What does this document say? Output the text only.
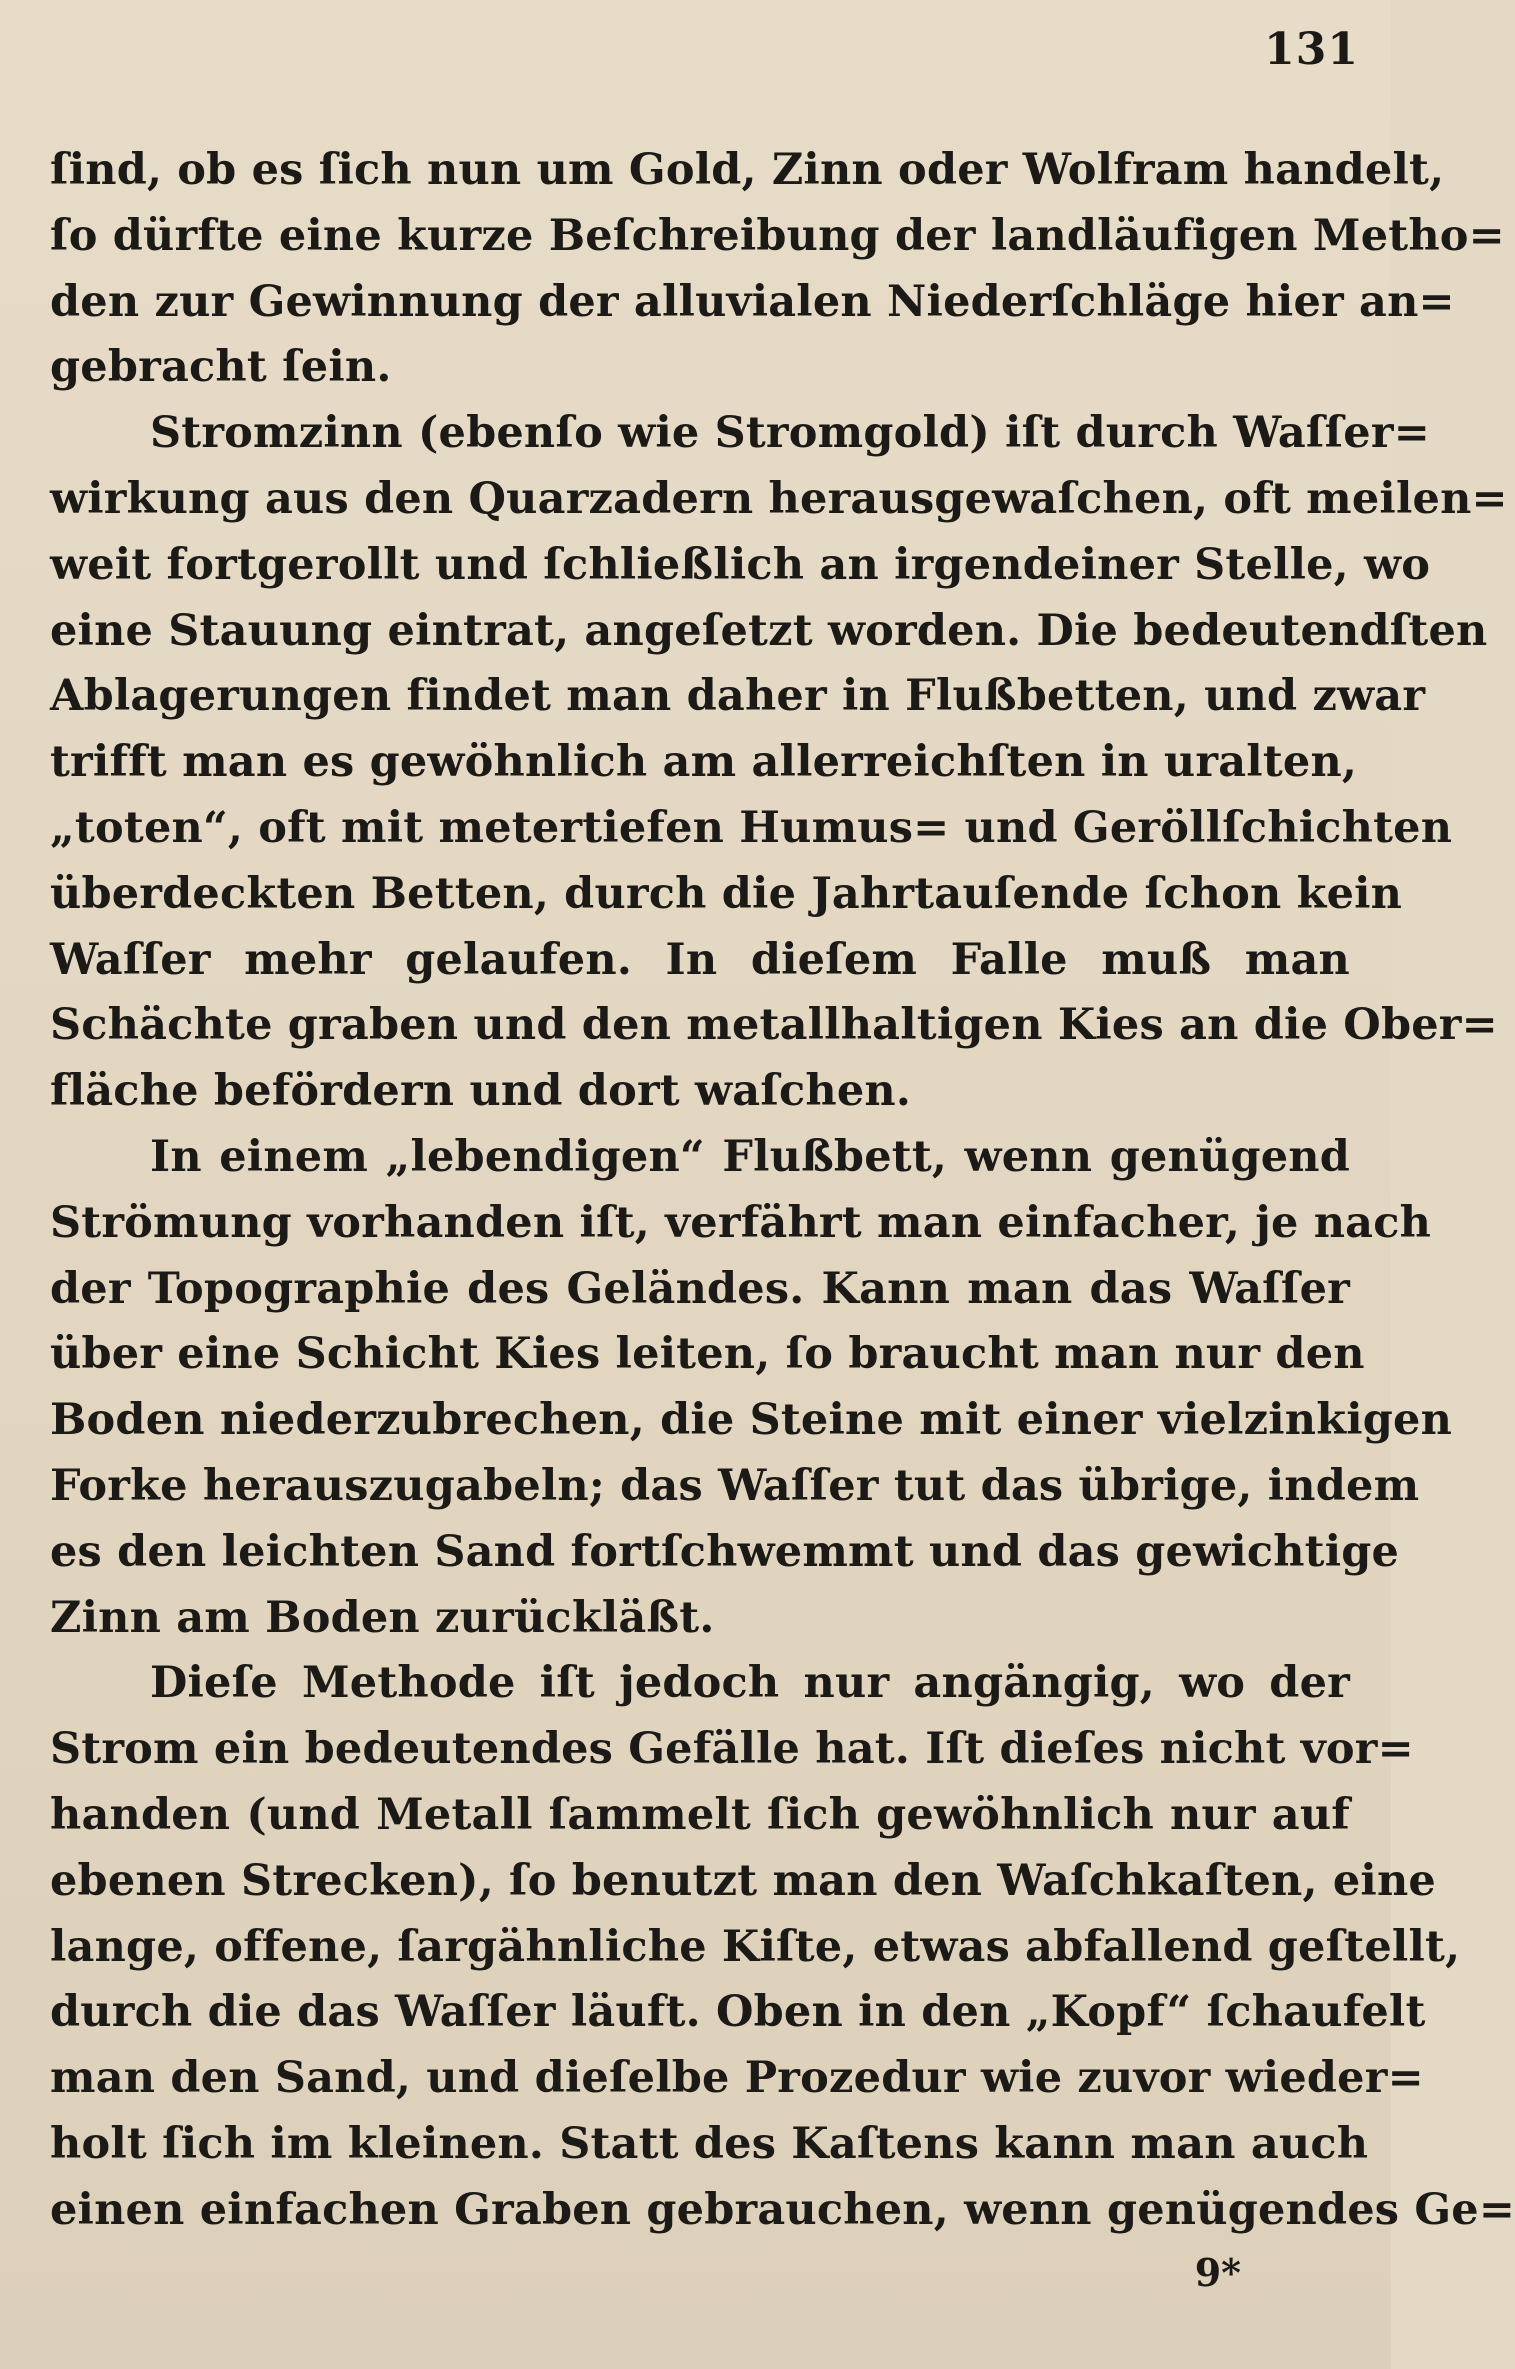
131
ſind, ob es ſich nun um Gold, Zinn oder Wolfram handelt,
ſo dürfte eine kurze Beſchreibung der landläufigen Metho=
den zur Gewinnung der alluvialen Niederſchläge hier an=
gebracht ſein.
Stromzinn (ebenſo wie Stromgold) iſt durch Waſſer=
wirkung aus den Quarzadern herausgewaſchen, oft meilen=
weit fortgerollt und ſchließlich an irgendeiner Stelle, wo
eine Stauung eintrat, angeſetzt worden. Die bedeutendſten
Ablagerungen findet man daher in Flußbetten, und zwar
trifft man es gewöhnlich am allerreichſten in uralten,
„toten“, oft mit metertiefen Humus= und Geröllſchichten
überdeckten Betten, durch die Jahrtauſende ſchon kein
Waſſer mehr gelaufen. In dieſem Falle muß man
Schächte graben und den metallhaltigen Kies an die Ober=
fläche befördern und dort waſchen.
In einem „lebendigen“ Flußbett, wenn genügend
Strömung vorhanden iſt, verfährt man einfacher, je nach
der Topographie des Geländes. Kann man das Waſſer
über eine Schicht Kies leiten, ſo braucht man nur den
Boden niederzubrechen, die Steine mit einer vielzinkigen
Forke herauszugabeln; das Waſſer tut das übrige, indem
es den leichten Sand fortſchwemmt und das gewichtige
Zinn am Boden zurückläßt.
Dieſe Methode iſt jedoch nur angängig, wo der
Strom ein bedeutendes Gefälle hat. Iſt dieſes nicht vor=
handen (und Metall ſammelt ſich gewöhnlich nur auf
ebenen Strecken), ſo benutzt man den Waſchkaſten, eine
lange, offene, ſargähnliche Kiſte, etwas abfallend geſtellt,
durch die das Waſſer läuft. Oben in den „Kopf“ ſchaufelt
man den Sand, und dieſelbe Prozedur wie zuvor wieder=
holt ſich im kleinen. Statt des Kaſtens kann man auch
einen einfachen Graben gebrauchen, wenn genügendes Ge=
9*
